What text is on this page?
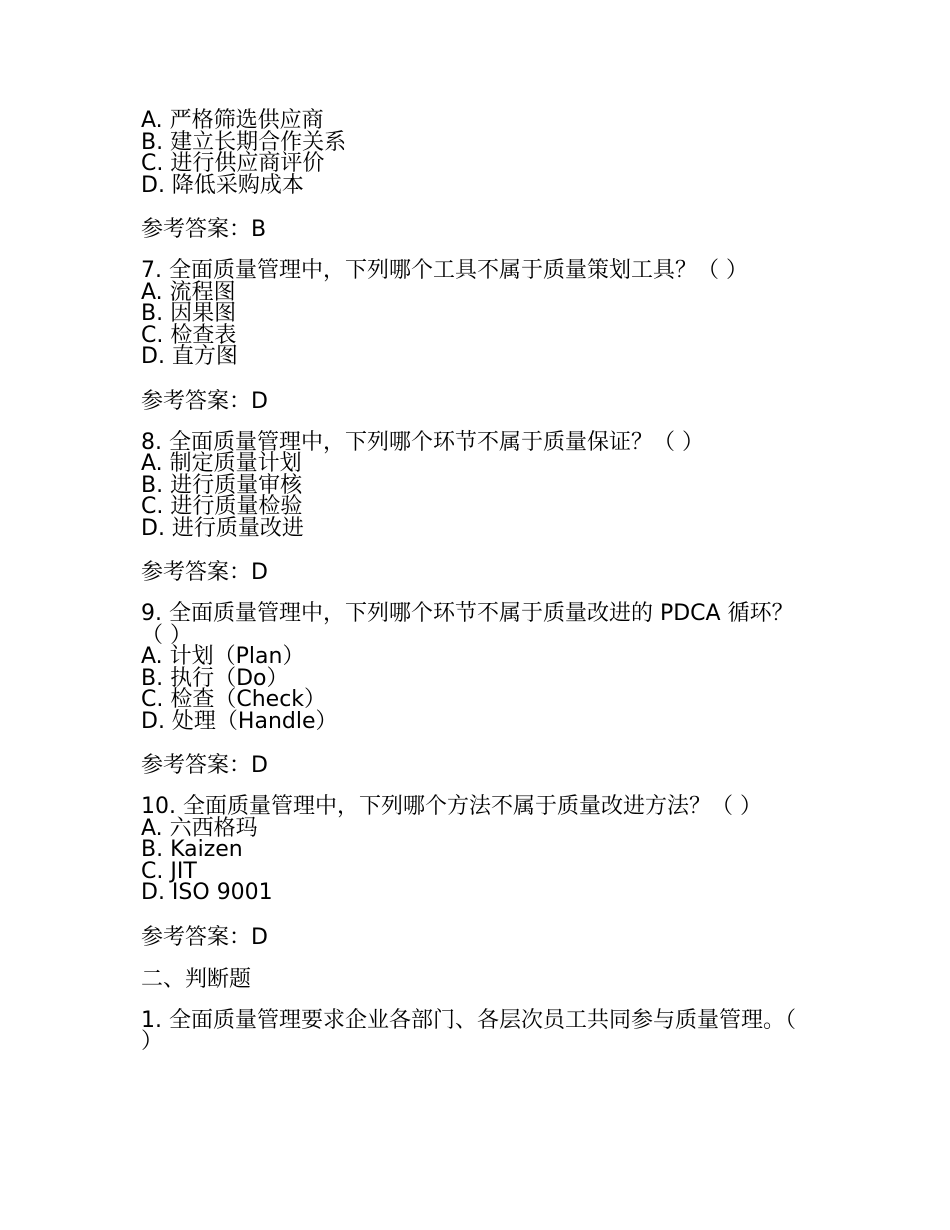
A. 严格筛选供应商
B. 建立长期合作关系
C. 进行供应商评价
D. 降低采购成本
参考答案：B
7. 全面质量管理中，下列哪个工具不属于质量策划工具？（ ）
A. 流程图
B. 因果图
C. 检查表
D. 直方图
参考答案：D
8. 全面质量管理中，下列哪个环节不属于质量保证？（ ）
A. 制定质量计划
B. 进行质量审核
C. 进行质量检验
D. 进行质量改进
参考答案：D
9. 全面质量管理中，下列哪个环节不属于质量改进的 PDCA 循环？（ ）
A. 计划（Plan）
B. 执行（Do）
C. 检查（Check）
D. 处理（Handle）
参考答案：D
10. 全面质量管理中，下列哪个方法不属于质量改进方法？（ ）
A. 六西格玛
B. Kaizen
C. JIT
D. ISO 9001
参考答案：D
二、判断题
1. 全面质量管理要求企业各部门、各层次员工共同参与质量管理。（ ）
